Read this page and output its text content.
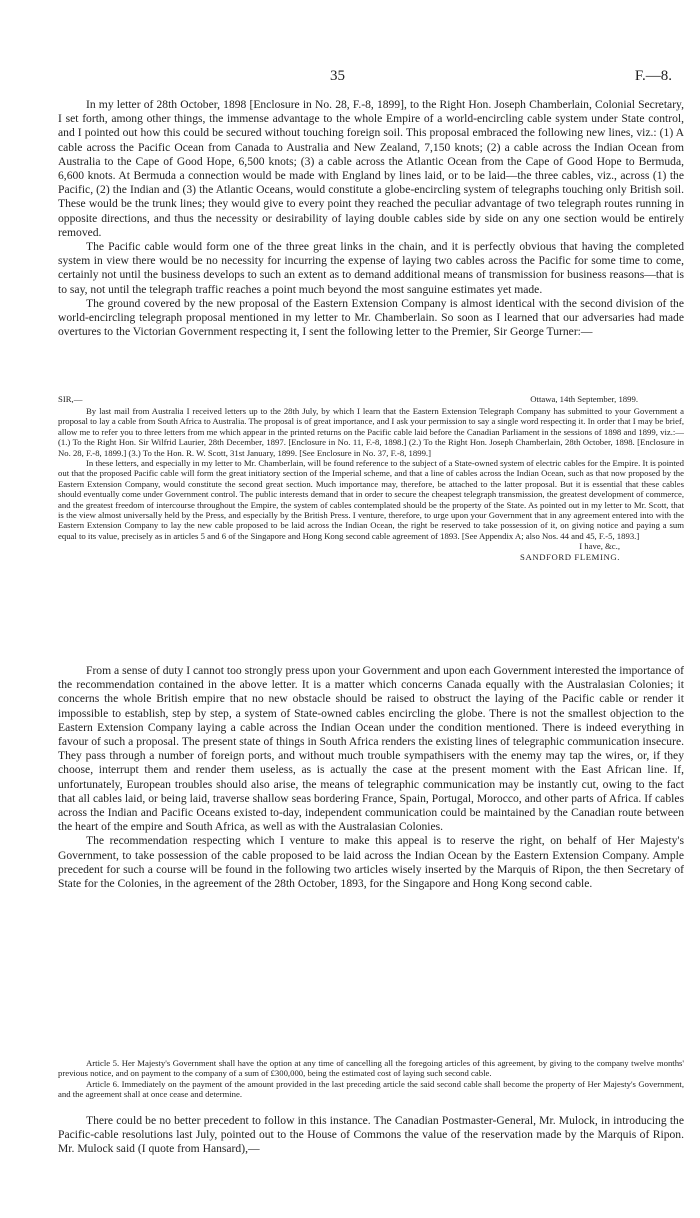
35	F.—8.

In my letter of 28th October, 1898 [Enclosure in No. 28, F.-8, 1899], to the Right Hon. Joseph Chamberlain, Colonial Secretary, I set forth, among other things, the immense advantage to the whole Empire of a world-encircling cable system under State control, and I pointed out how this could be secured without touching foreign soil. This proposal embraced the following new lines, viz.: (1) A cable across the Pacific Ocean from Canada to Australia and New Zealand, 7,150 knots; (2) a cable across the Indian Ocean from Australia to the Cape of Good Hope, 6,500 knots; (3) a cable across the Atlantic Ocean from the Cape of Good Hope to Bermuda, 6,600 knots. At Bermuda a connection would be made with England by lines laid, or to be laid—the three cables, viz., across (1) the Pacific, (2) the Indian and (3) the Atlantic Oceans, would constitute a globe-encircling system of telegraphs touching only British soil. These would be the trunk lines; they would give to every point they reached the peculiar advantage of two telegraph routes running in opposite directions, and thus the necessity or desirability of laying double cables side by side on any one section would be entirely removed.

The Pacific cable would form one of the three great links in the chain, and it is perfectly obvious that having the completed system in view there would be no necessity for incurring the expense of laying two cables across the Pacific for some time to come, certainly not until the business develops to such an extent as to demand additional means of transmission for business reasons—that is to say, not until the telegraph traffic reaches a point much beyond the most sanguine estimates yet made.

The ground covered by the new proposal of the Eastern Extension Company is almost identical with the second division of the world-encircling telegraph proposal mentioned in my letter to Mr. Chamberlain. So soon as I learned that our adversaries had made overtures to the Victorian Government respecting it, I sent the following letter to the Premier, Sir George Turner:—

SIR,—	Ottawa, 14th September, 1899.

By last mail from Australia I received letters up to the 28th July, by which I learn that the Eastern Extension Telegraph Company has submitted to your Government a proposal to lay a cable from South Africa to Australia. The proposal is of great importance, and I ask your permission to say a single word respecting it. In order that I may be brief, allow me to refer you to three letters from me which appear in the printed returns on the Pacific cable laid before the Canadian Parliament in the sessions of 1898 and 1899, viz.:—(1.) To the Right Hon. Sir Wilfrid Laurier, 28th December, 1897. [Enclosure in No. 11, F.-8, 1898.] (2.) To the Right Hon. Joseph Chamberlain, 28th October, 1898. [Enclosure in No. 28, F.-8, 1899.] (3.) To the Hon. R. W. Scott, 31st January, 1899. [See Enclosure in No. 37, F.-8, 1899.]

In these letters, and especially in my letter to Mr. Chamberlain, will be found reference to the subject of a State-owned system of electric cables for the Empire. It is pointed out that the proposed Pacific cable will form the great initiatory section of the Imperial scheme, and that a line of cables across the Indian Ocean, such as that now proposed by the Eastern Extension Company, would constitute the second great section. Much importance may, therefore, be attached to the latter proposal. But it is essential that these cables should eventually come under Government control. The public interests demand that in order to secure the cheapest telegraph transmission, the greatest development of commerce, and the greatest freedom of intercourse throughout the Empire, the system of cables contemplated should be the property of the State. As pointed out in my letter to Mr. Scott, that is the view almost universally held by the Press, and especially by the British Press. I venture, therefore, to urge upon your Government that in any agreement entered into with the Eastern Extension Company to lay the new cable proposed to be laid across the Indian Ocean, the right be reserved to take possession of it, on giving notice and paying a sum equal to its value, precisely as in articles 5 and 6 of the Singapore and Hong Kong second cable agreement of 1893. [See Appendix A; also Nos. 44 and 45, F.-5, 1893.]

I have, &c.,

SANDFORD FLEMING.

From a sense of duty I cannot too strongly press upon your Government and upon each Government interested the importance of the recommendation contained in the above letter. It is a matter which concerns Canada equally with the Australasian Colonies; it concerns the whole British empire that no new obstacle should be raised to obstruct the laying of the Pacific cable or render it impossible to establish, step by step, a system of State-owned cables encircling the globe. There is not the smallest objection to the Eastern Extension Company laying a cable across the Indian Ocean under the condition mentioned. There is indeed everything in favour of such a proposal. The present state of things in South Africa renders the existing lines of telegraphic communication insecure. They pass through a number of foreign ports, and without much trouble sympathisers with the enemy may tap the wires, or, if they choose, interrupt them and render them useless, as is actually the case at the present moment with the East African line. If, unfortunately, European troubles should also arise, the means of telegraphic communication may be instantly cut, owing to the fact that all cables laid, or being laid, traverse shallow seas bordering France, Spain, Portugal, Morocco, and other parts of Africa. If cables across the Indian and Pacific Oceans existed to-day, independent communication could be maintained by the Canadian route between the heart of the empire and South Africa, as well as with the Australasian Colonies.

The recommendation respecting which I venture to make this appeal is to reserve the right, on behalf of Her Majesty's Government, to take possession of the cable proposed to be laid across the Indian Ocean by the Eastern Extension Company. Ample precedent for such a course will be found in the following two articles wisely inserted by the Marquis of Ripon, the then Secretary of State for the Colonies, in the agreement of the 28th October, 1893, for the Singapore and Hong Kong second cable.

Article 5. Her Majesty's Government shall have the option at any time of cancelling all the foregoing articles of this agreement, by giving to the company twelve months' previous notice, and on payment to the company of a sum of £300,000, being the estimated cost of laying such second cable.

Article 6. Immediately on the payment of the amount provided in the last preceding article the said second cable shall become the property of Her Majesty's Government, and the agreement shall at once cease and determine.

There could be no better precedent to follow in this instance. The Canadian Postmaster-General, Mr. Mulock, in introducing the Pacific-cable resolutions last July, pointed out to the House of Commons the value of the reservation made by the Marquis of Ripon. Mr. Mulock said (I quote from Hansard),—
